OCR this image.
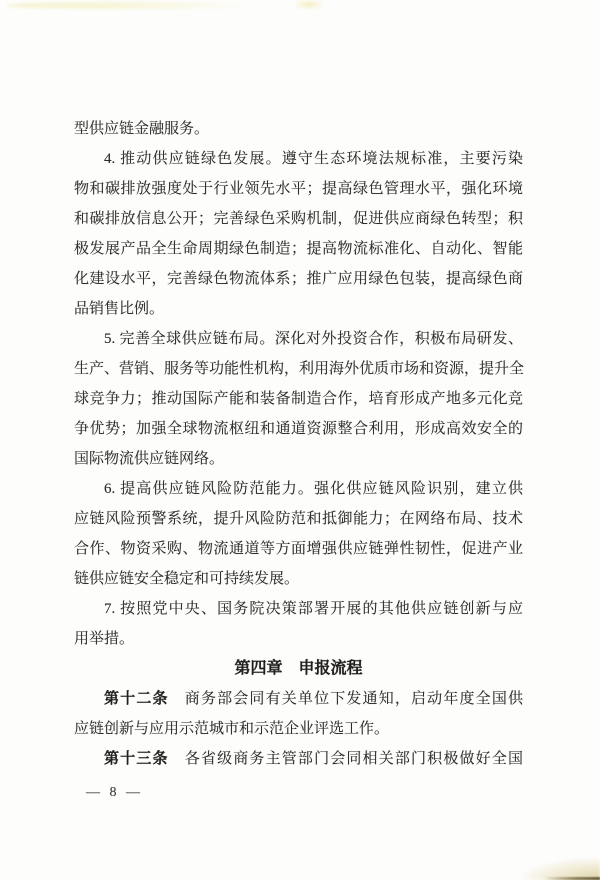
型供应链金融服务。
4. 推动供应链绿色发展。遵守生态环境法规标准，主要污染
物和碳排放强度处于行业领先水平；提高绿色管理水平，强化环境
和碳排放信息公开；完善绿色采购机制，促进供应商绿色转型；积
极发展产品全生命周期绿色制造；提高物流标准化、自动化、智能
化建设水平，完善绿色物流体系；推广应用绿色包装，提高绿色商
品销售比例。
5. 完善全球供应链布局。深化对外投资合作，积极布局研发、
生产、营销、服务等功能性机构，利用海外优质市场和资源，提升全
球竞争力；推动国际产能和装备制造合作，培育形成产地多元化竞
争优势；加强全球物流枢纽和通道资源整合利用，形成高效安全的
国际物流供应链网络。
6. 提高供应链风险防范能力。强化供应链风险识别，建立供
应链风险预警系统，提升风险防范和抵御能力；在网络布局、技术
合作、物资采购、物流通道等方面增强供应链弹性韧性，促进产业
链供应链安全稳定和可持续发展。
7. 按照党中央、国务院决策部署开展的其他供应链创新与应
用举措。
第四章　申报流程
第十二条　商务部会同有关单位下发通知，启动年度全国供
应链创新与应用示范城市和示范企业评选工作。
第十三条　各省级商务主管部门会同相关部门积极做好全国
— 8 —
